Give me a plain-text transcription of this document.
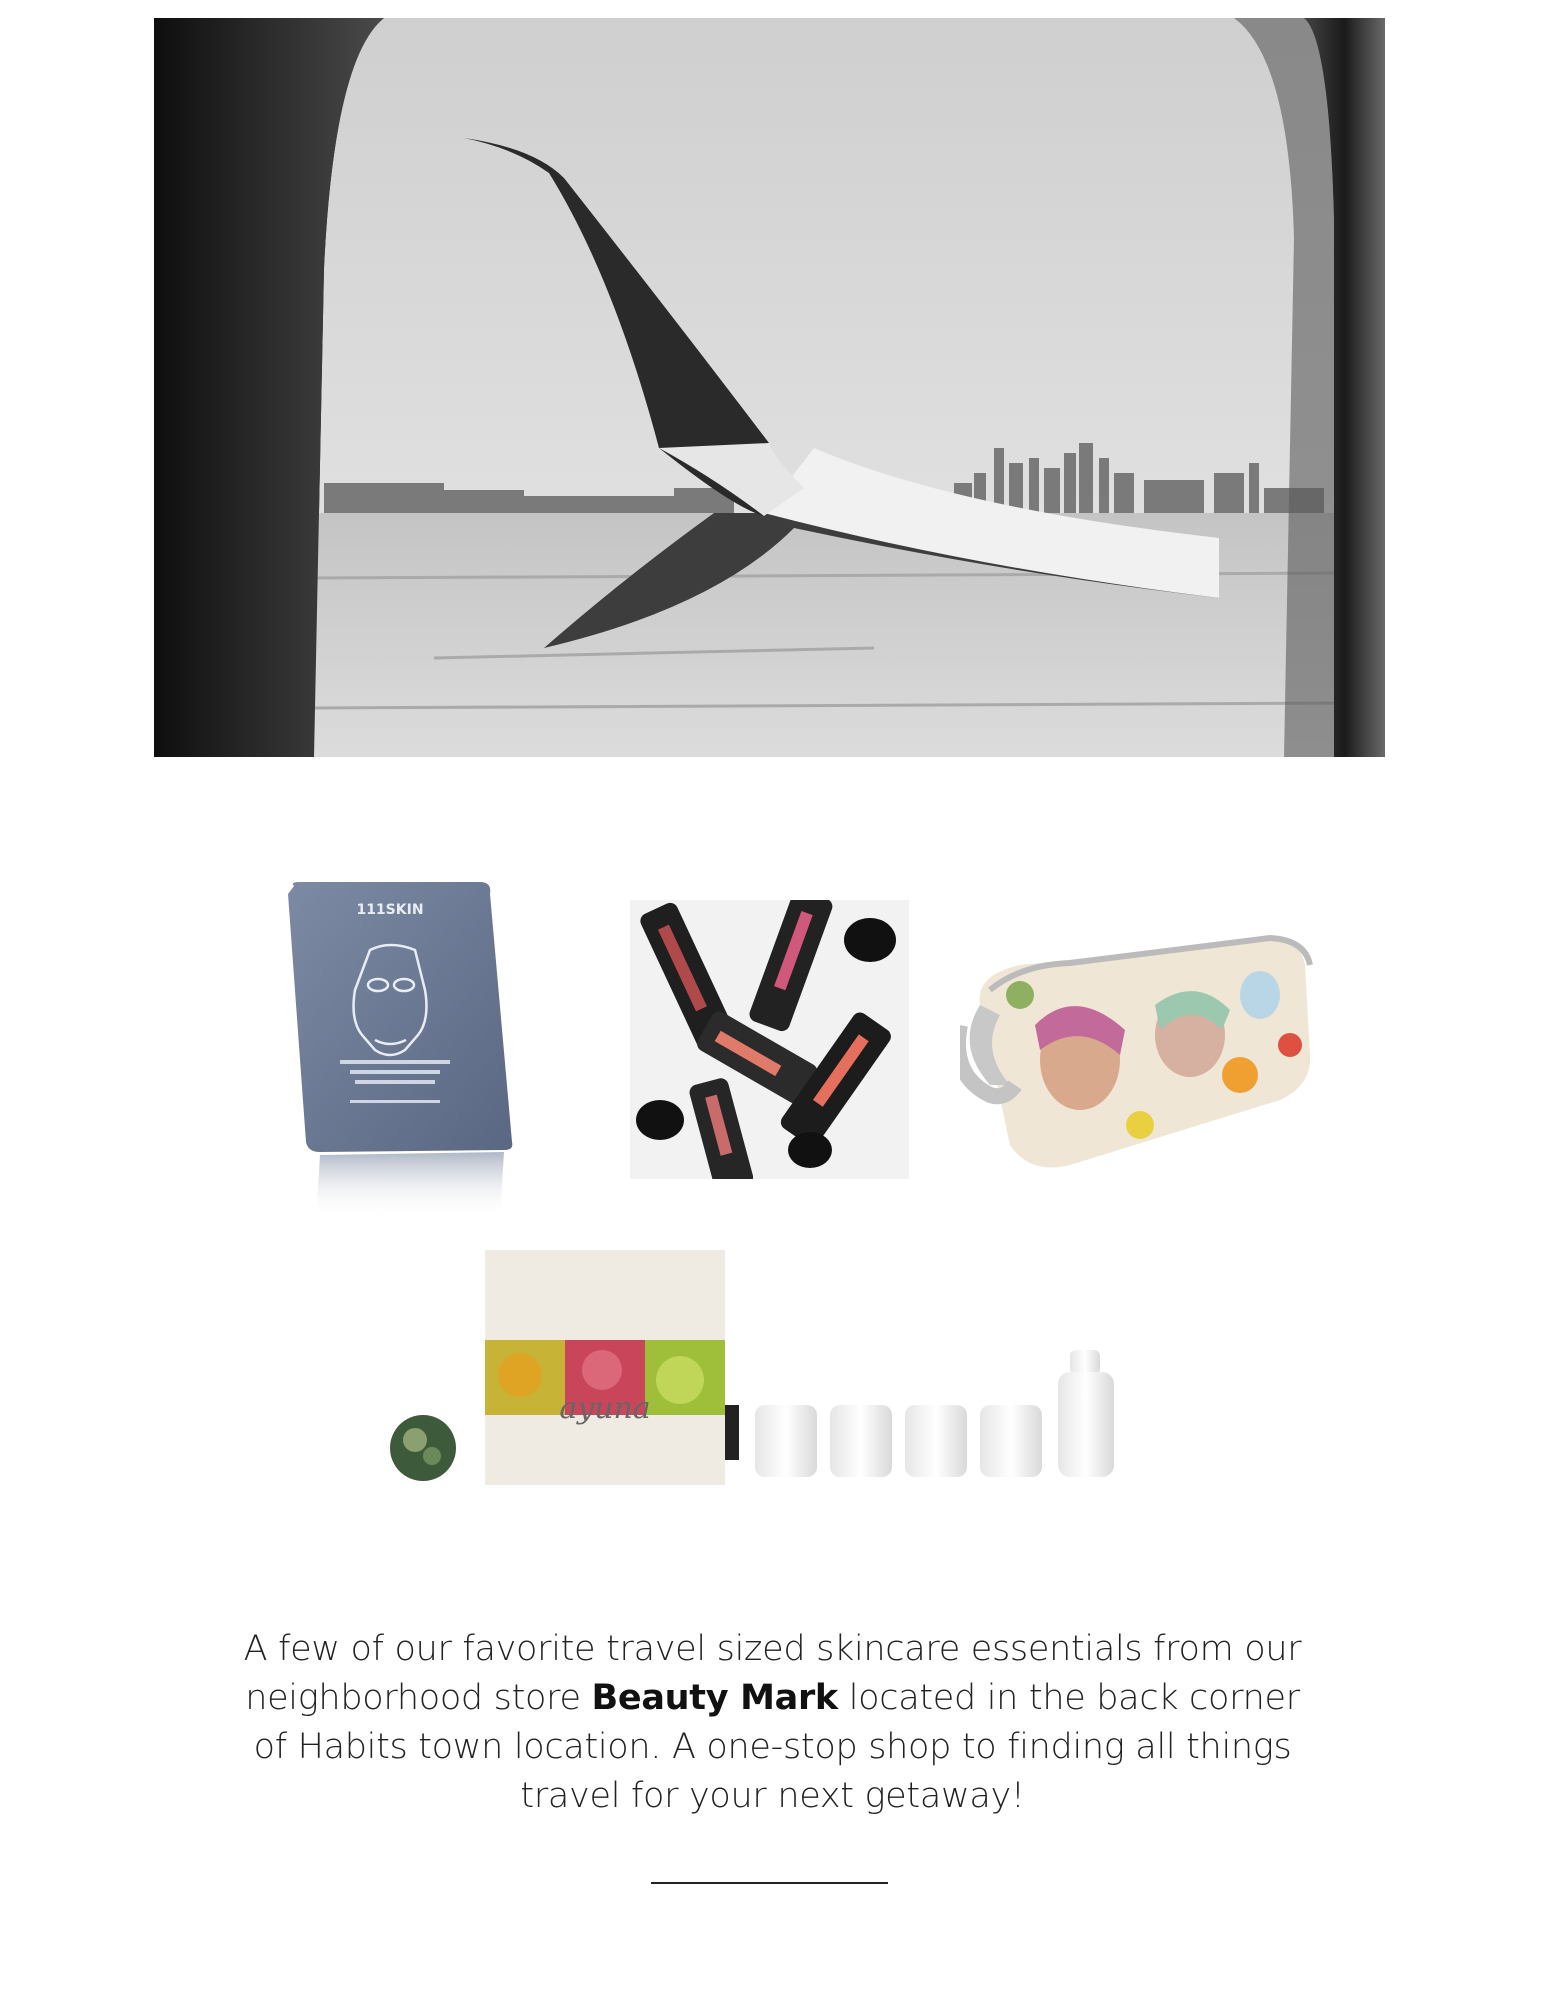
111SKIN
ayuna
A few of our favorite travel sized skincare essentials from our neighborhood store Beauty Mark located in the back corner of Habits town location. A one-stop shop to finding all things travel for your next getaway!
